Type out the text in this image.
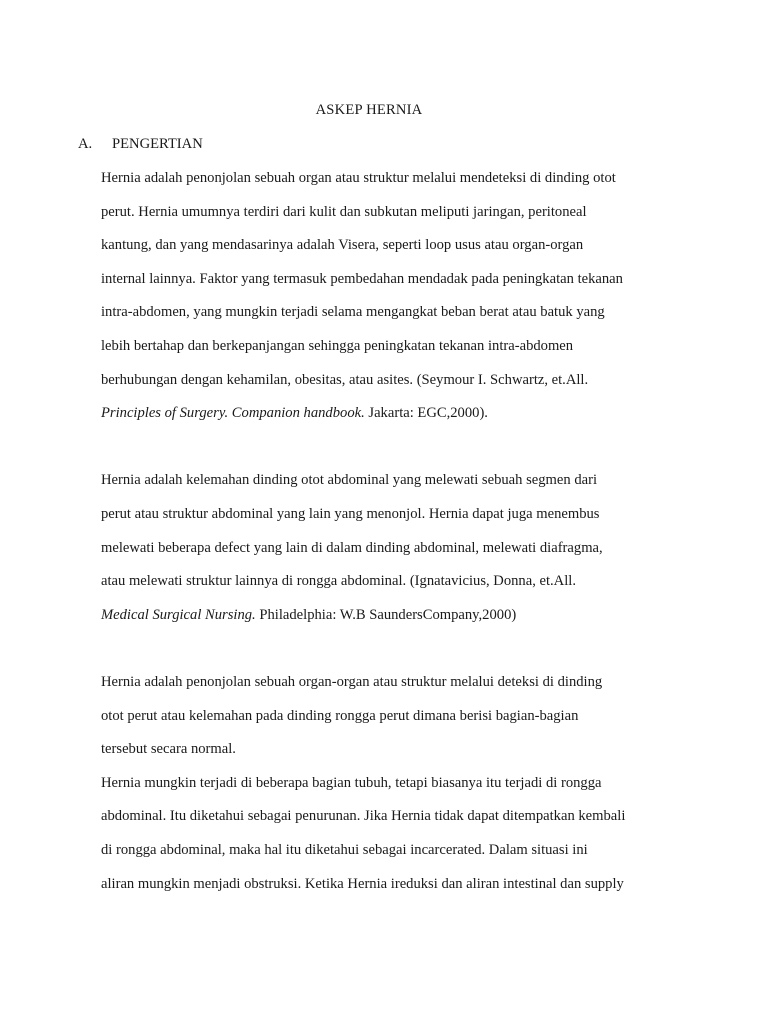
ASKEP HERNIA
A. PENGERTIAN
Hernia adalah penonjolan sebuah organ atau struktur melalui mendeteksi di dinding otot
perut. Hernia umumnya terdiri dari kulit dan subkutan meliputi jaringan, peritoneal
kantung, dan yang mendasarinya adalah Visera, seperti loop usus atau organ-organ
internal lainnya. Faktor yang termasuk pembedahan mendadak pada peningkatan tekanan
intra-abdomen, yang mungkin terjadi selama mengangkat beban berat atau batuk yang
lebih bertahap dan berkepanjangan sehingga peningkatan tekanan intra-abdomen
berhubungan dengan kehamilan, obesitas, atau asites. (Seymour I. Schwartz, et.All.
Principles of Surgery. Companion handbook. Jakarta: EGC,2000).
Hernia adalah kelemahan dinding otot abdominal yang melewati sebuah segmen dari
perut atau struktur abdominal yang lain yang menonjol. Hernia dapat juga menembus
melewati beberapa defect yang lain di dalam dinding abdominal, melewati diafragma,
atau melewati struktur lainnya di rongga abdominal. (Ignatavicius, Donna, et.All.
Medical Surgical Nursing. Philadelphia: W.B SaundersCompany,2000)
Hernia adalah penonjolan sebuah organ-organ atau struktur melalui deteksi di dinding
otot perut atau kelemahan pada dinding rongga perut dimana berisi bagian-bagian
tersebut secara normal.
Hernia mungkin terjadi di beberapa bagian tubuh, tetapi biasanya itu terjadi di rongga
abdominal. Itu diketahui sebagai penurunan. Jika Hernia tidak dapat ditempatkan kembali
di rongga abdominal, maka hal itu diketahui sebagai incarcerated. Dalam situasi ini
aliran mungkin menjadi obstruksi. Ketika Hernia ireduksi dan aliran intestinal dan supply
